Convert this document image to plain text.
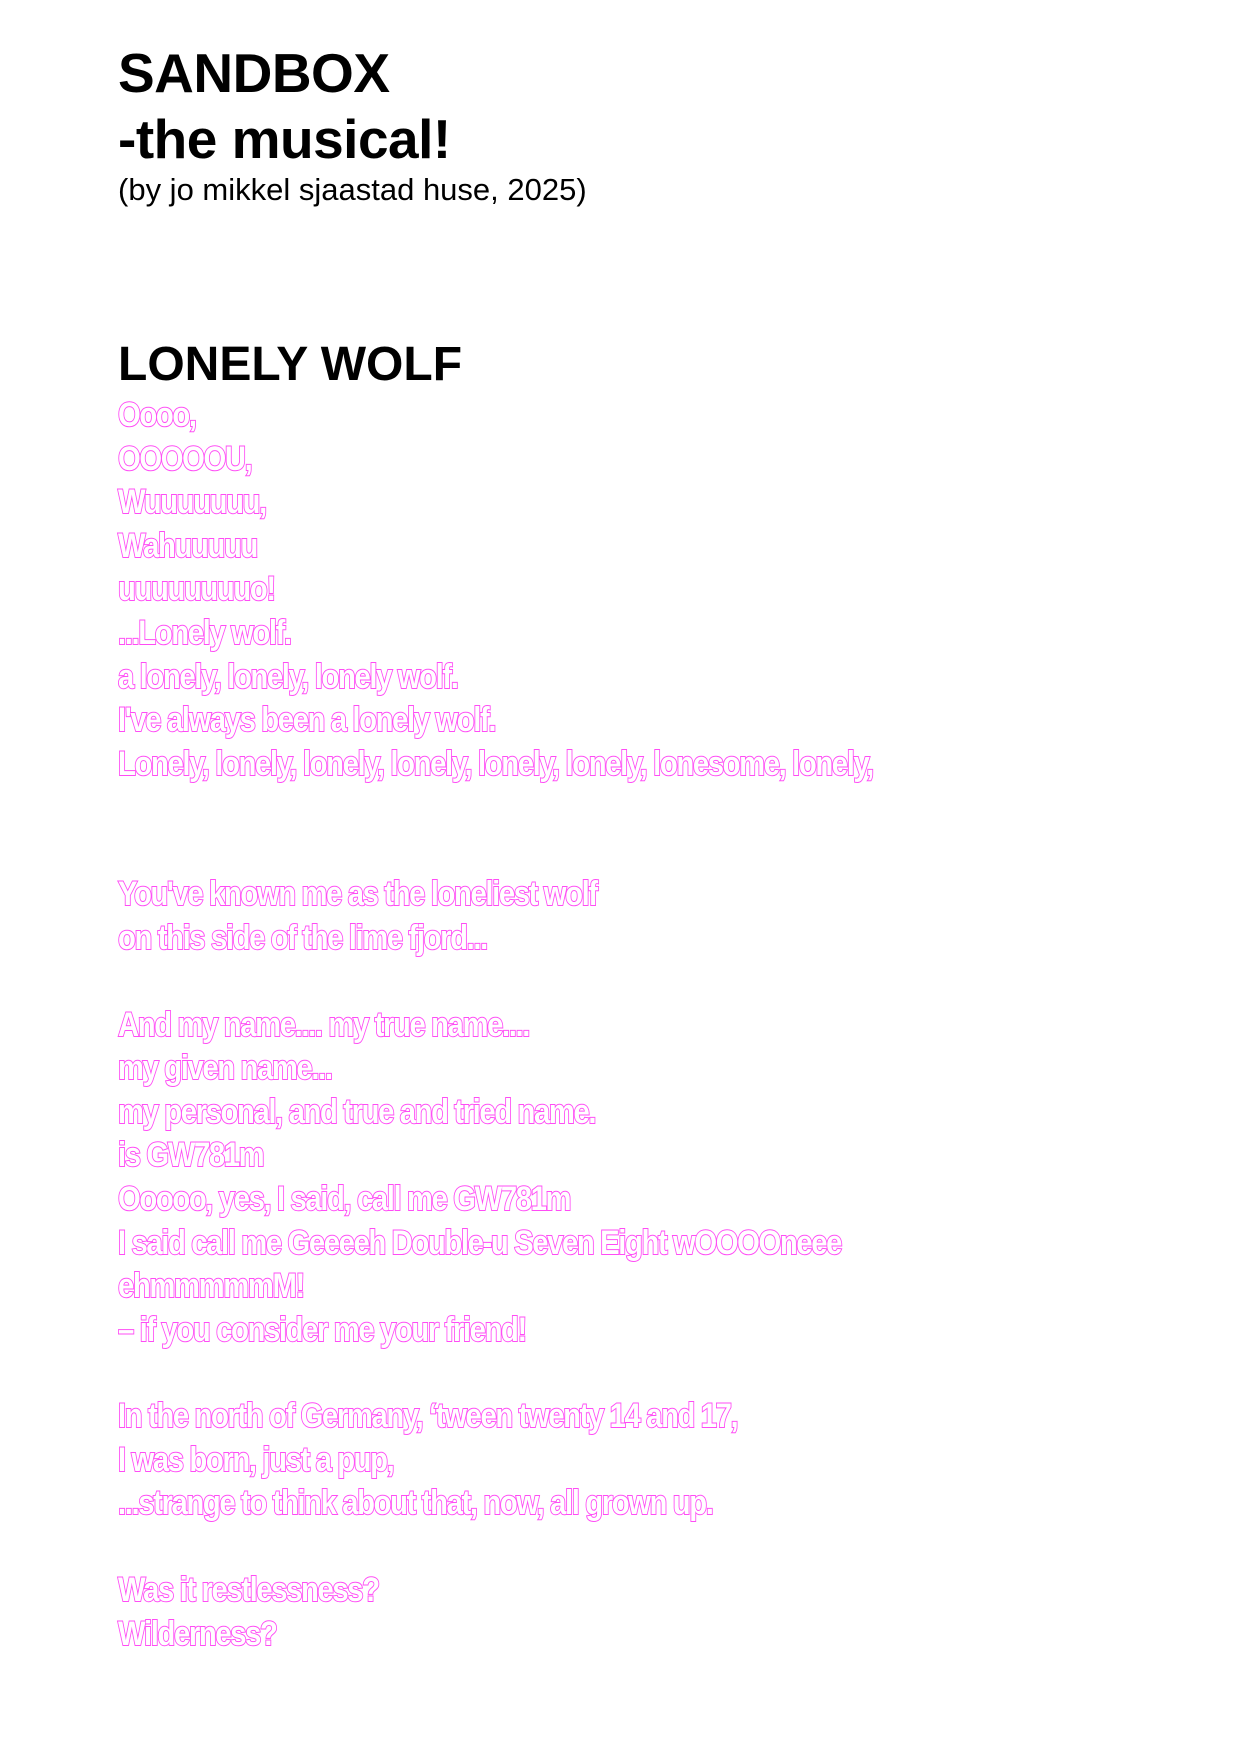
SANDBOX
-the musical!
(by jo mikkel sjaastad huse, 2025)
LONELY WOLF
Oooo,
OOOOOU,
Wuuuuuuu,
Wahuuuuu
uuuuuuuuo!
...Lonely wolf.
a lonely, lonely, lonely wolf.
I've always been a lonely wolf.
Lonely, lonely, lonely, lonely, lonely, lonely, lonesome, lonely,
You've known me as the loneliest wolf
on this side of the lime fjord...
And my name.... my true name....
my given name...
my personal, and true and tried name.
is GW781m
Ooooo, yes, I said, call me GW781m
I said call me Geeeeh Double-u Seven Eight wOOOOneee
ehmmmmmM!
– if you consider me your friend!
In the north of Germany, ‘tween twenty 14 and 17,
I was born, just a pup,
...strange to think about that, now, all grown up.
Was it restlessness?
Wilderness?
